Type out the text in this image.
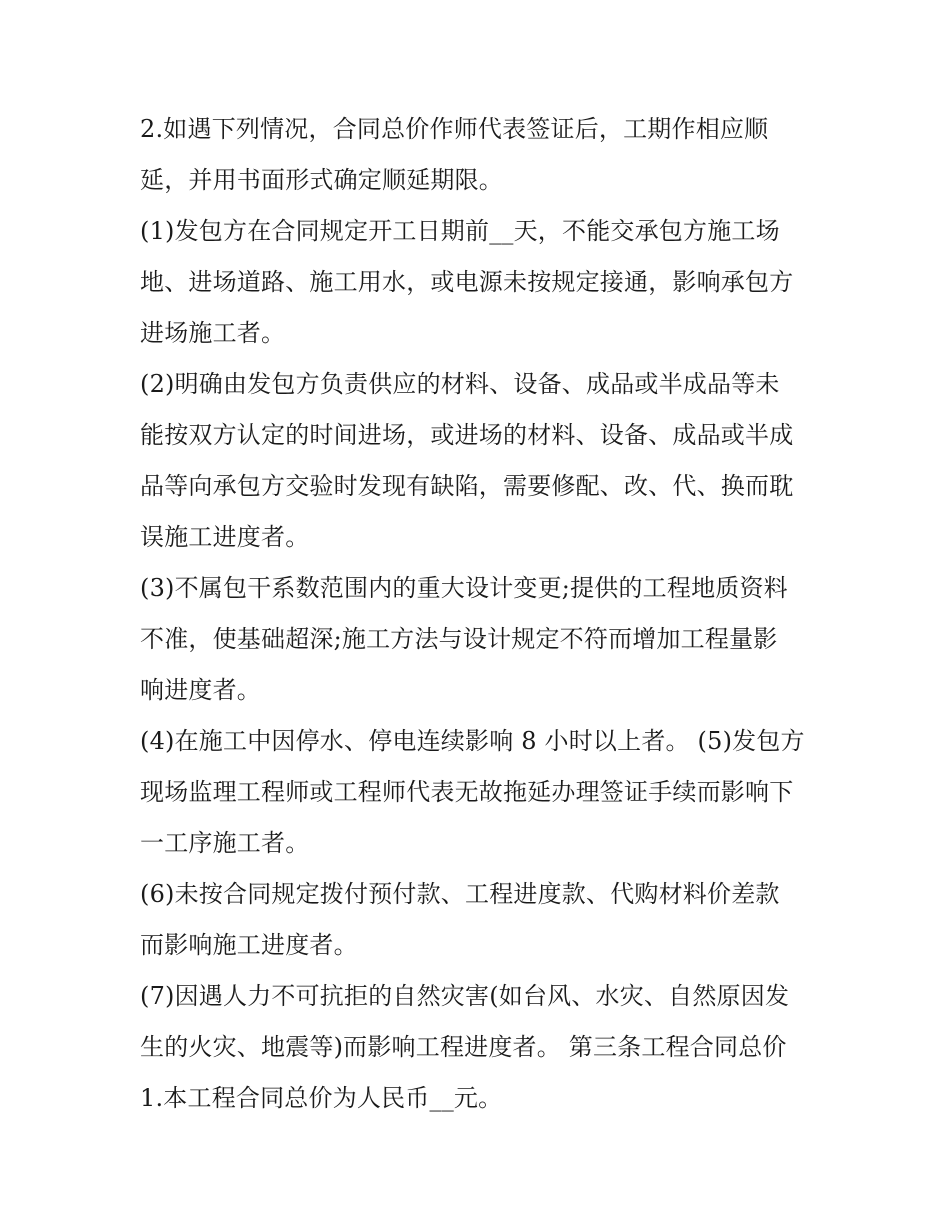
2.如遇下列情况，合同总价作师代表签证后，工期作相应顺
延，并用书面形式确定顺延期限。
(1)发包方在合同规定开工日期前__天，不能交承包方施工场
地、进场道路、施工用水，或电源未按规定接通，影响承包方
进场施工者。
(2)明确由发包方负责供应的材料、设备、成品或半成品等未
能按双方认定的时间进场，或进场的材料、设备、成品或半成
品等向承包方交验时发现有缺陷，需要修配、改、代、换而耽
误施工进度者。
(3)不属包干系数范围内的重大设计变更;提供的工程地质资料
不准，使基础超深;施工方法与设计规定不符而增加工程量影
响进度者。
(4)在施工中因停水、停电连续影响 8 小时以上者。 (5)发包方
现场监理工程师或工程师代表无故拖延办理签证手续而影响下
一工序施工者。
(6)未按合同规定拨付预付款、工程进度款、代购材料价差款
而影响施工进度者。
(7)因遇人力不可抗拒的自然灾害(如台风、水灾、自然原因发
生的火灾、地震等)而影响工程进度者。 第三条工程合同总价
1.本工程合同总价为人民币__元。
